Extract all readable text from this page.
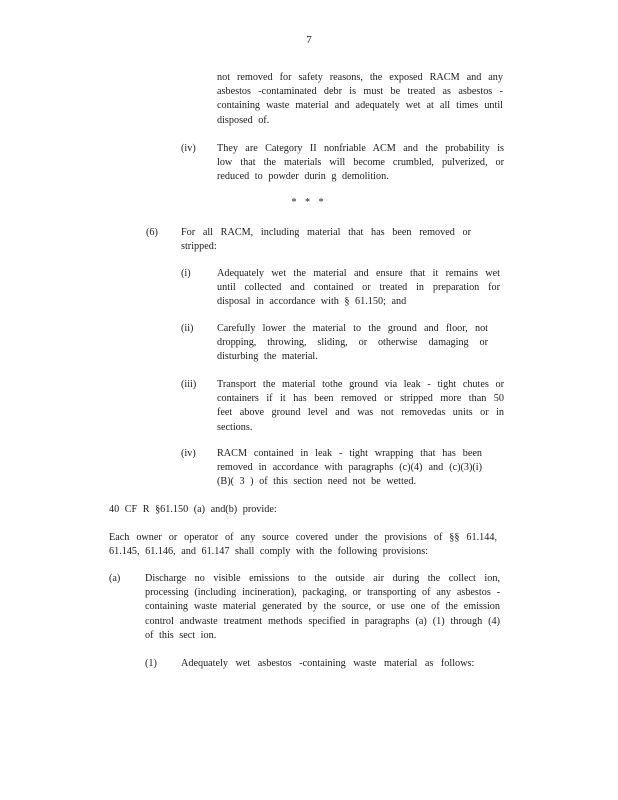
7
not removed for safety reasons, the exposed RACM and any asbestos -contaminated debr is must be treated as asbestos -containing waste material and adequately wet at all times until disposed of.
(iv) They are Category II nonfriable ACM and the probability is low that the materials will become crumbled, pulverized, or reduced to powder durin g demolition.
* * *
(6) For all RACM, including material that has been removed or stripped:
(i)	Adequately wet the material and ensure that it remains wet until collected and contained or treated in preparation for disposal in accordance with § 61.150; and
(ii) Carefully lower the material to the ground and floor, not dropping, throwing, sliding, or otherwise damaging or disturbing the material.
(iii) Transport the material tothe ground via leak - tight chutes or containers if it has been removed or stripped more than 50 feet above ground level and was not removedas units or in sections.
(iv) RACM contained in leak - tight wrapping that has been removed in accordance with paragraphs (c)(4) and (c)(3)(i)(B)( 3 ) of this section need not be wetted.
40 CF R §61.150 (a) and(b) provide:
Each owner or operator of any source covered under the provisions of §§ 61.144, 61.145, 61.146, and 61.147 shall comply with the following provisions:
(a) Discharge no visible emissions to the outside air during the collect ion, processing (including incineration), packaging, or transporting of any asbestos -containing waste material generated by the source, or use one of the emission control andwaste treatment methods specified in paragraphs (a) (1) through (4) of this sect ion.
(1) Adequately wet asbestos -containing waste material as follows:
